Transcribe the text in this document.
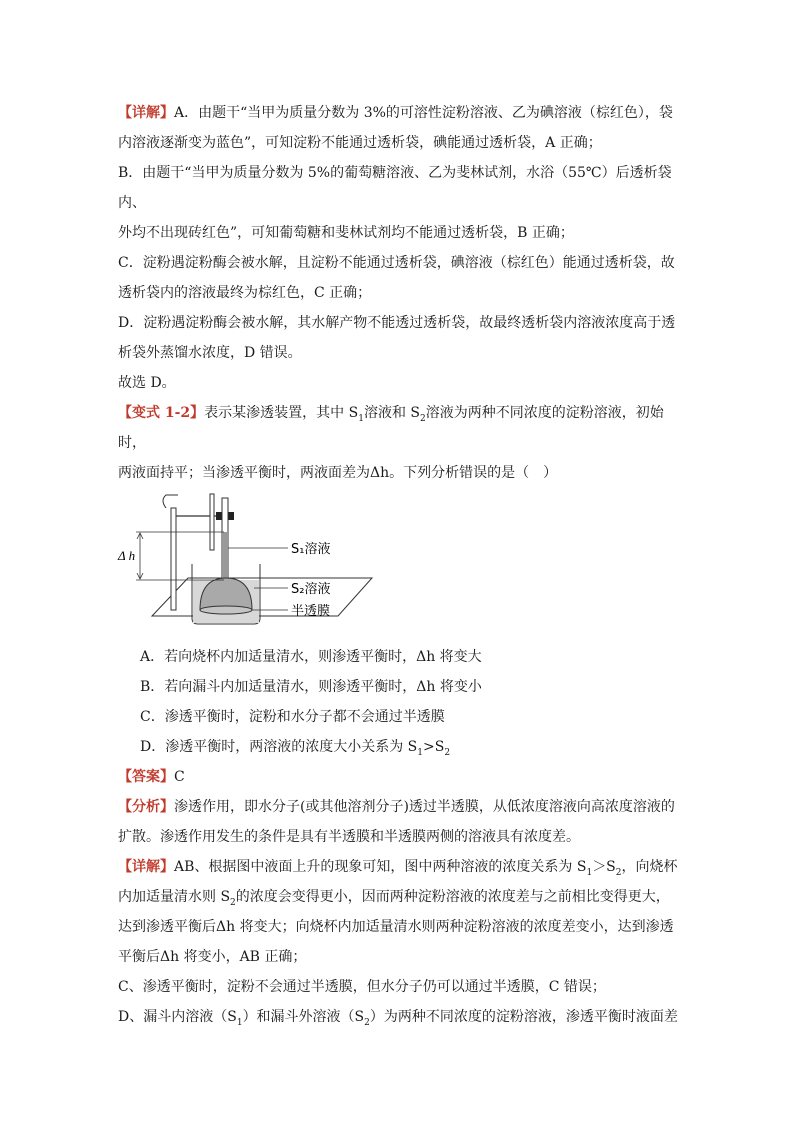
【详解】A．由题干“当甲为质量分数为 3%的可溶性淀粉溶液、乙为碘溶液（棕红色），袋

内溶液逐渐变为蓝色”，可知淀粉不能通过透析袋，碘能通过透析袋，A 正确；

B．由题干“当甲为质量分数为 5%的葡萄糖溶液、乙为斐林试剂，水浴（55℃）后透析袋内、

外均不出现砖红色”，可知葡萄糖和斐林试剂均不能通过透析袋，B 正确；

C．淀粉遇淀粉酶会被水解，且淀粉不能通过透析袋，碘溶液（棕红色）能通过透析袋，故

透析袋内的溶液最终为棕红色，C 正确；

D．淀粉遇淀粉酶会被水解，其水解产物不能透过透析袋，故最终透析袋内溶液浓度高于透

析袋外蒸馏水浓度，D 错误。

故选 D。

【变式 1-2】表示某渗透装置，其中 $S_1$溶液和 $S_2$溶液为两种不同浓度的淀粉溶液，初始时，

两液面持平；当渗透平衡时，两液面差为Δh。下列分析错误的是（　）

Δ h	S₁溶液
S₂溶液
半透膜

A．若向烧杯内加适量清水，则渗透平衡时，Δh 将变大

B．若向漏斗内加适量清水，则渗透平衡时，Δh 将变小

C．渗透平衡时，淀粉和水分子都不会通过半透膜

D．渗透平衡时，两溶液的浓度大小关系为 $S_1>S_2$

【答案】C

【分析】渗透作用，即水分子(或其他溶剂分子)透过半透膜，从低浓度溶液向高浓度溶液的

扩散。渗透作用发生的条件是具有半透膜和半透膜两侧的溶液具有浓度差。

【详解】AB、根据图中液面上升的现象可知，图中两种溶液的浓度关系为 $S_1>S_2$，向烧杯

内加适量清水则 $S_2$的浓度会变得更小，因而两种淀粉溶液的浓度差与之前相比变得更大，

达到渗透平衡后Δh 将变大；向烧杯内加适量清水则两种淀粉溶液的浓度差变小，达到渗透

平衡后Δh 将变小，AB 正确；

C、渗透平衡时，淀粉不会通过半透膜，但水分子仍可以通过半透膜，C 错误；

D、漏斗内溶液$(S_1)$和漏斗外溶液$(S_2)$为两种不同浓度的淀粉溶液，渗透平衡时液面差
